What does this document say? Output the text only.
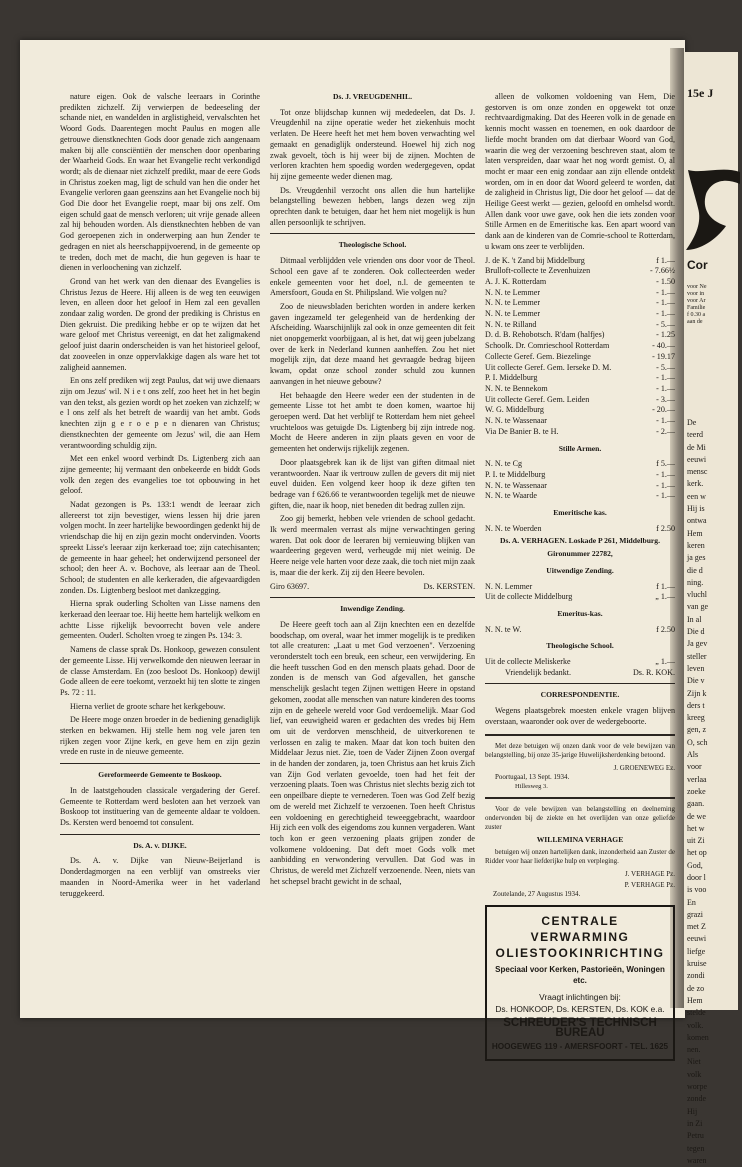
15e J
Cor
voor Ne
voor in
voor Ar
Familie
f 0.30 a
aan de
De
teerd
de Mi
eeuwi
mensc
kerk.
een w
Hij is
ontwa
Hem
keren
ja ges
die d
ning.
vluchl
van ge
In al
Die d
Ja gev
steller
leven
Die v
Zijn k
ders t
kreeg
gen, z
O, sch
Als
voor
verlaa
zoeke
gaan.
de we
het w
uit Zi
het op
God,
door l
is voo
En
grazi
met Z
eeuwi
liefge
kruise
zondi
de zo
Hem
stelde
volk.
komen
nen.
Niet
volk
worpe
zonde
Hij
in Zi
Petru
tegen
waren

nature eigen. Ook de valsche leeraars in Corinthe predikten zichzelf. Zij verwierpen de bedeeseling der schande niet, en wandelden in arglistigheid, vervalschten het Woord Gods. Daarentegen mocht Paulus en mogen alle getrouwe dienstknechten Gods door genade zich aangenaam maken bij alle consciëntiën der menschen door openbaring der Waarheid Gods. En waar het Evangelie recht verkondigd wordt; als de dienaar niet zichzelf predikt, maar de eere Gods in Christus zoeken mag, ligt de schuld van hen die onder het Evangelie verloren gaan geenszins aan het Evangelie noch bij God Die door het Evangelie roept, maar bij ons zelf. Om eigen schuld gaat de mensch verloren; uit vrije genade alleen zal hij behouden worden. Als dienstknechten hebben de van God geroepenen zich in onderwerping aan hun Zender te gedragen en niet als heerschappijvoerend, in de gemeente op te treden, doch met de macht, die hun gegeven is haar te dienen in verloochening van zichzelf.

Grond van het werk van den dienaar des Evangelies is Christus Jezus de Heere. Hij alleen is de weg ten eeuwigen leven, en alleen door het geloof in Hem zal een gevallen zondaar zalig worden. De grond der prediking is Christus en Dien gekruist. Die prediking hebbe er op te wijzen dat het ware geloof met Christus vereenigt, en dat het zaligmakend geloof juist daarin onderscheiden is van het historieel geloof, dat zooveelen in onze oppervlakkige dagen als ware het tot zaligheid aannemen.

En ons zelf prediken wij zegt Paulus, dat wij uwe dienaars zijn om Jezus' wil. N i e t ons zelf, zoo heet het in het begin van den tekst, als gezien wordt op het zoeken van zichzelf; w e l ons zelf als het betreft de waardij van het ambt. Gods knechten zijn g e r o e p e n dienaren van Christus; dienstknechten der gemeente om Jezus' wil, die aan Hem verantwoording schuldig zijn.

Met een enkel woord verbindt Ds. Ligtenberg zich aan zijne gemeente; hij vermaant den onbekeerde en biddt Gods volk den zegen des evangelies toe tot opbouwing in het geloof.

Nadat gezongen is Ps. 133:1 wendt de leeraar zich allereerst tot zijn bevestiger, wiens lessen hij drie jaren volgen mocht. In zeer hartelijke bewoordingen gedenkt hij de vriendschap die hij en zijn gezin mocht ondervinden. Voorts spreekt Lisse's leeraar zijn kerkeraad toe; zijn catechisanten; de gemeente in haar geheel; het onderwijzend personeel der school; den heer A. v. Bochove, als leeraar aan de Theol. School; de studenten en alle kerkeraden, die afgevaardigden zonden. Ds. Ligtenberg besloot met dankzegging.

Hierna sprak ouderling Scholten van Lisse namens den kerkeraad den leeraar toe. Hij heette hem hartelijk welkom en achtte Lisse rijkelijk bevoorrecht boven vele andere gemeenten. Ouderl. Scholten vroeg te zingen Ps. 134: 3.

Namens de classe sprak Ds. Honkoop, gewezen consulent der gemeente Lisse. Hij verwelkomde den nieuwen leeraar in de classe Amsterdam. En (zoo besloot Ds. Honkoop) dewijl Gode alleen de eere toekomt, verzoekt hij ten slotte te zingen Ps. 72 : 11.

Hierna verliet de groote schare het kerkgebouw.

De Heere moge onzen broeder in de bediening genadiglijk sterken en bekwamen. Hij stelle hem nog vele jaren ten rijken zegen voor Zijne kerk, en geve hem en zijn gezin vrede en ruste in de nieuwe gemeente.

Gereformeerde Gemeente te Boskoop.

In de laatstgehouden classicale vergadering der Geref. Gemeente te Rotterdam werd besloten aan het verzoek van Boskoop tot instituering van de gemeente aldaar te voldoen. Ds. Kersten werd benoemd tot consulent.

Ds. A. v. DIJKE.

Ds. A. v. Dijke van Nieuw-Beijerland is Donderdagmorgen na een verblijf van omstreeks vier maanden in Noord-Amerika weer in het vaderland teruggekeerd.

Ds. J. VREUGDENHIL.

Tot onze blijdschap kunnen wij mededeelen, dat Ds. J. Vreugdenhil na zijne operatie weder het ziekenhuis mocht verlaten. De Heere heeft het met hem boven verwachting wel gemaakt en genadiglijk ondersteund. Hoewel hij zich nog zwak gevoelt, tòch is hij weer bij de zijnen. Mochten de verloren krachten hem spoedig worden wedergegeven, opdat hij zijne gemeente weder dienen mag.

Ds. Vreugdenhil verzocht ons allen die hun hartelijke belangstelling bewezen hebben, langs dezen weg zijn oprechten dank te betuigen, daar het hem niet mogelijk is hun allen persoonlijk te schrijven.

Theologische School.

Ditmaal verblijdden vele vrienden ons door voor de Theol. School een gave af te zonderen. Ook collecteerden weder enkele gemeenten voor het doel, n.l. de gemeenten te Amersfoort, Gouda en St. Philipsland. Wie volgen nu?

Zoo de nieuwsbladen berichten worden in andere kerken gaven ingezameld ter gelegenheid van de herdenking der Afscheiding. Waarschijnlijk zal ook in onze gemeenten dit feit niet onopgemerkt voorbijgaan, al is het, dat wij geen jubelzang over de kerk in Nederland kunnen aanheffen. Zou het niet mogelijk zijn, dat deze maand het gevraagde bedrag bijeen kwam, opdat onze school zonder schuld zou kunnen aanvangen in het nieuwe gebouw?

Het behaagde den Heere weder een der studenten in de gemeente Lisse tot het ambt te doen komen, waartoe hij geroepen werd. Dat het verblijf te Rotterdam hem niet geheel vruchteloos was getuigde Ds. Ligtenberg bij zijn intrede nog. Mocht de Heere anderen in zijn plaats geven en voor de gemeenten het onderwijs rijkelijk zegenen.

Door plaatsgebrek kan ik de lijst van giften ditmaal niet verantwoorden. Naar ik vertrouw zullen de gevers dit mij niet euvel duiden. Een volgend keer hoop ik deze giften ten bedrage van f 626.66 te verantwoorden tegelijk met de nieuwe giften, die, naar ik hoop, niet beneden dit bedrag zullen zijn.

Zoo gij bemerkt, hebben vele vrienden de school gedacht. Ik werd meermalen verrast als mijne verwachtingen gering waren. Dat ook door de leeraren bij vernieuwing blijken van waardeering gegeven werd, verheugde mij niet weinig. De Heere neige vele harten voor deze zaak, die toch niet mijn zaak is, maar die der kerk. Zij zij den Heere bevolen.

Giro 63697.	Ds. KERSTEN.
Inwendige Zending.

De Heere geeft toch aan al Zijn knechten een en dezelfde boodschap, om overal, waar het immer mogelijk is te prediken tot alle creaturen: „Laat u met God verzoenen". Verzoening veronderstelt toch een breuk, een scheur, een verwijdering. En die heeft tusschen God en den mensch plaats gehad. Door de zonden is de mensch van God afgevallen, het gansche menschelijk geslacht tegen Zijnen wettigen Heere in opstand gekomen, zoodat alle menschen van nature kinderen des toorns zijn en de geheele wereld voor God verdoemelijk. Maar God lief, van eeuwigheid waren er gedachten des vredes bij Hem om uit de verdorven menschheid, de uitverkorenen te verlossen en zalig te maken. Maar dat kon toch buiten den Middelaar Jezus niet. Zie, toen de Vader Zijnen Zoon overgaf in de handen der zondaren, ja, toen Christus aan het kruis Zich van Zijn God verlaten gevoelde, toen had het feit der verzoening plaats. Toen was Christus niet slechts bezig zich tot een onpeilbare diepte te vernederen. Toen was God Zelf bezig om de wereld met Zichzelf te verzoenen. Toen heeft Christus een voldoening en gerechtigheid teweeggebracht, waardoor Hij zich een volk des eigendoms zou kunnen vergaderen. Want toch kon er geen verzoening plaats grijpen zonder de volkomene voldoening. Dat deft moet Gods volk met aanbidding en verwondering vervullen. Dat God was in Christus, de wereld met Zichzelf verzoenende. Neen, niets van het schepsel bracht gewicht in de schaal,

alleen de volkomen voldoening van Hem, Die gestorven is om onze zonden en opgewekt tot onze rechtvaardigmaking. Dat des Heeren volk in de genade en kennis mocht wassen en toenemen, en ook daardoor de liefde mocht branden om dat dierbaar Woord van God, waarin die weg der verzoening beschreven staat, alom te laten verspreiden, daar waar het nog wordt gemist. O, al mocht er maar een enig zondaar aan zijn ellende ontdekt worden, om in en door dat Woord geleerd te worden, dat de zaligheid in Christus ligt, Die door het geloof — dat de Heilige Geest werkt — gezien, geloofd en omhelsd wordt. Allen dank voor uwe gave, ook hen die iets zonden voor Stille Armen en de Emeritische kas. Een apart woord van dank aan de kinderen van de Comrie-school te Rotterdam, u kwam ons zeer te verblijden.

J. de K. 't Zand bij Middelburg	f 1.—
Brulloft-collecte te Zevenhuizen	- 7.66½
A. J. K. Rotterdam	- 1.50
N. N. te Lemmer	- 1.—
N. N. te Lemmer	- 1.—
N. N. te Lemmer	- 1.—
N. N. te Rilland	- 5.—
D. d. B. Rehobotsch. R'dam (halfjes)	- 1.25
Schoolk. Dr. Comrieschool Rotterdam	- 40.—
Collecte Geref. Gem. Biezelinge	- 19.17
Uit collecte Geref. Gem. Ierseke D. M.	- 5.—
P. I. Middelburg	- 1.—
N. N. te Bennekom	- 1.—
Uit collecte Geref. Gem. Leiden	- 3.—
W. G. Middelburg	- 20.—
N. N. te Wassenaar	- 1.—
Via De Banier B. te H.	- 2.—
Stille Armen.
N. N. te Cg	f 5.—
P. I. te Middelburg	- 1.—
N. N. te Wassenaar	- 1.—
N. N. te Waarde	- 1.—
Emeritische kas.
N. N. te Woerden	f 2.50
Ds. A. VERHAGEN. Loskade P 261, Middelburg.
Gironummer 22782,
Uitwendige Zending.
N. N. Lemmer	f 1.—
Uit de collecte Middelburg	„ 1.—
Emeritus-kas.
N. N. te W.	f 2.50
Theologische School.
Uit de collecte Meliskerke	„ 1.—
Vriendelijk bedankt.	Ds. R. KOK.
CORRESPONDENTIE.

Wegens plaatsgebrek moesten enkele vragen blijven overstaan, waaronder ook over de wedergeboorte.

Met deze betuigen wij onzen dank voor de vele bewijzen van belangstelling, bij onze 35-jarige Huwelijksherdenking betoond.

J. GROENEWEG Ez.
Poortugaal, 13 Sept. 1934.
Hillesweg 3.

Voor de vele bewijzen van belangstelling en deelneming ondervonden bij de ziekte en het overlijden van onze geliefde zuster

WILLEMINA VERHAGE

betuigen wij onzen hartelijken dank, inzonderheid aan Zuster de Ridder voor haar liefderijke hulp en verpleging.

J. VERHAGE Pz.
P. VERHAGE Pz.
Zoutelande, 27 Augustus 1934.
CENTRALE VERWARMING
OLIESTOOKINRICHTING
Speciaal voor Kerken, Pastorieën, Woningen etc.
Vraagt inlichtingen bij:
Ds. HONKOOP, Ds. KERSTEN, Ds. KOK e.a.
SCHREUDER'S TECHNISCH BUREAU
HOOGEWEG 119 - AMERSFOORT - TEL. 1625
